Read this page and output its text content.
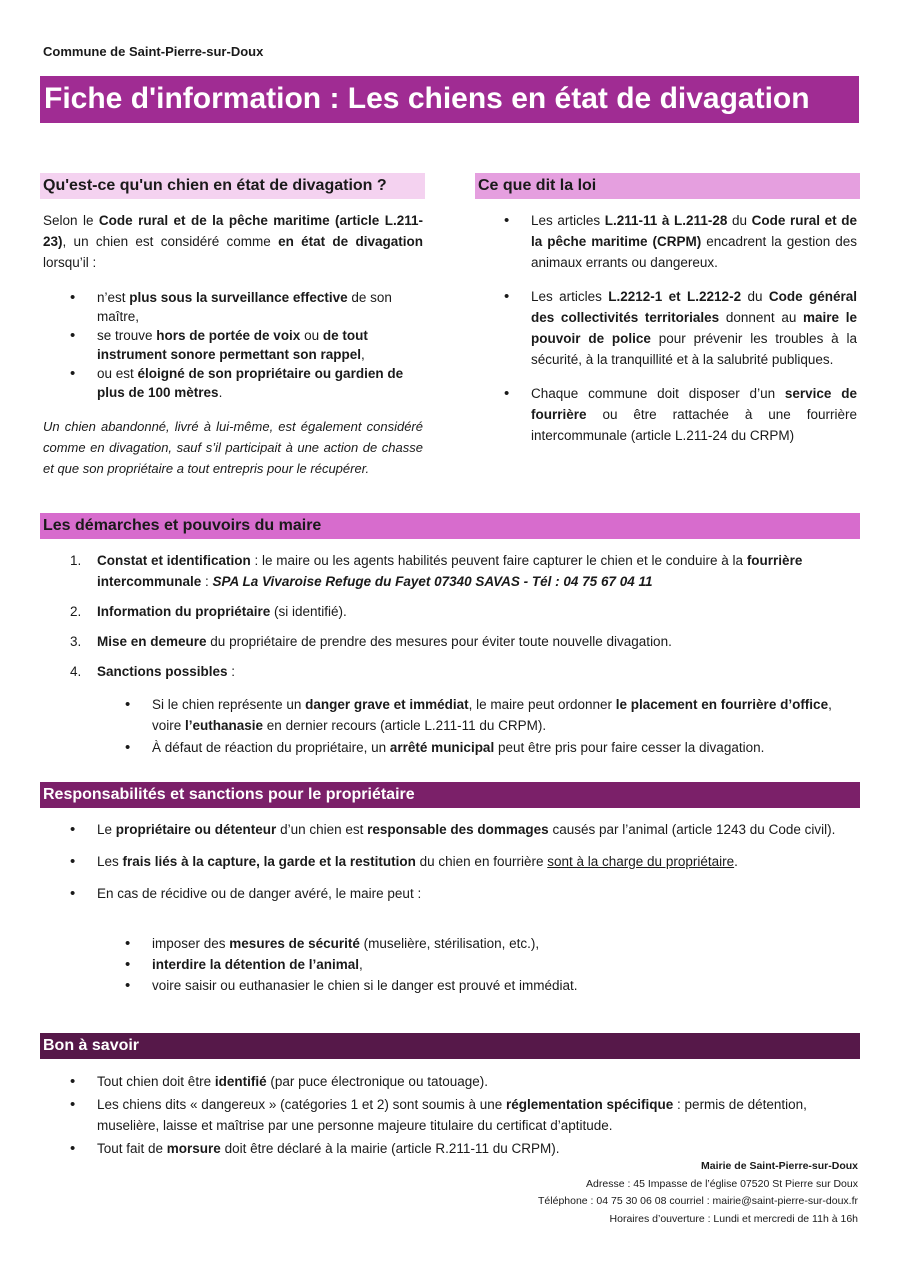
Commune de Saint-Pierre-sur-Doux
Fiche d'information : Les chiens en état de divagation
Qu'est-ce qu'un chien en état de divagation ?
Selon le Code rural et de la pêche maritime (article L.211-23), un chien est considéré comme en état de divagation lorsqu’il :
• n’est plus sous la surveillance effective de son maître,
• se trouve hors de portée de voix ou de tout instrument sonore permettant son rappel,
• ou est éloigné de son propriétaire ou gardien de plus de 100 mètres.
Un chien abandonné, livré à lui-même, est également considéré comme en divagation, sauf s’il participait à une action de chasse et que son propriétaire a tout entrepris pour le récupérer.
Ce que dit la loi
• Les articles L.211-11 à L.211-28 du Code rural et de la pêche maritime (CRPM) encadrent la gestion des animaux errants ou dangereux.
• Les articles L.2212-1 et L.2212-2 du Code général des collectivités territoriales donnent au maire le pouvoir de police pour prévenir les troubles à la sécurité, à la tranquillité et à la salubrité publiques.
• Chaque commune doit disposer d’un service de fourrière ou être rattachée à une fourrière intercommunale (article L.211-24 du CRPM)
Les démarches et pouvoirs du maire
1. Constat et identification : le maire ou les agents habilités peuvent faire capturer le chien et le conduire à la fourrière intercommunale : SPA La Vivaroise Refuge du Fayet 07340 SAVAS - Tél : 04 75 67 04 11
2. Information du propriétaire (si identifié).
3. Mise en demeure du propriétaire de prendre des mesures pour éviter toute nouvelle divagation.
4. Sanctions possibles :
• Si le chien représente un danger grave et immédiat, le maire peut ordonner le placement en fourrière d’office, voire l’euthanasie en dernier recours (article L.211-11 du CRPM).
• À défaut de réaction du propriétaire, un arrêté municipal peut être pris pour faire cesser la divagation.
Responsabilités et sanctions pour le propriétaire
• Le propriétaire ou détenteur d’un chien est responsable des dommages causés par l’animal (article 1243 du Code civil).
• Les frais liés à la capture, la garde et la restitution du chien en fourrière sont à la charge du propriétaire.
• En cas de récidive ou de danger avéré, le maire peut :
• imposer des mesures de sécurité (muselière, stérilisation, etc.),
• interdire la détention de l’animal,
• voire saisir ou euthanasier le chien si le danger est prouvé et immédiat.
Bon à savoir
• Tout chien doit être identifié (par puce électronique ou tatouage).
• Les chiens dits « dangereux » (catégories 1 et 2) sont soumis à une réglementation spécifique : permis de détention, muselière, laisse et maîtrise par une personne majeure titulaire du certificat d’aptitude.
• Tout fait de morsure doit être déclaré à la mairie (article R.211-11 du CRPM).
Mairie de Saint-Pierre-sur-Doux
Adresse : 45 Impasse de l’église 07520 St Pierre sur Doux
Téléphone : 04 75 30 06 08 courriel : mairie@saint-pierre-sur-doux.fr
Horaires d’ouverture : Lundi et mercredi de 11h à 16h
